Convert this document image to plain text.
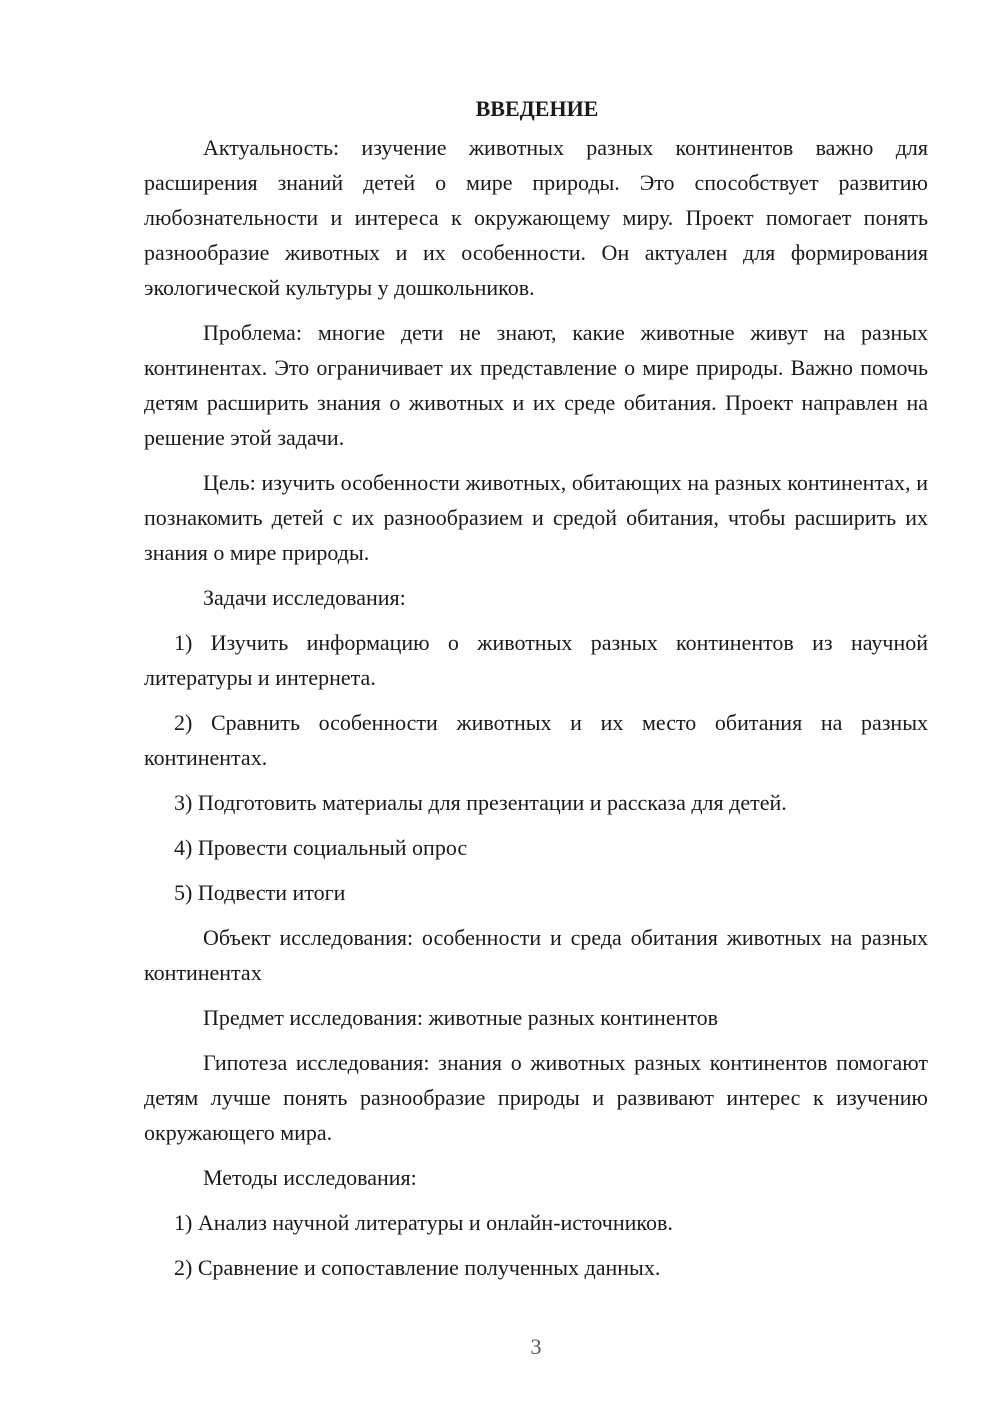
ВВЕДЕНИЕ

Актуальность: изучение животных разных континентов важно для расширения знаний детей о мире природы. Это способствует развитию любознательности и интереса к окружающему миру. Проект помогает понять разнообразие животных и их особенности. Он актуален для формирования экологической культуры у дошкольников.

Проблема: многие дети не знают, какие животные живут на разных континентах. Это ограничивает их представление о мире природы. Важно помочь детям расширить знания о животных и их среде обитания. Проект направлен на решение этой задачи.

Цель: изучить особенности животных, обитающих на разных континентах, и познакомить детей с их разнообразием и средой обитания, чтобы расширить их знания о мире природы.

Задачи исследования:

1) Изучить информацию о животных разных континентов из научной литературы и интернета.

2) Сравнить особенности животных и их место обитания на разных континентах.

3) Подготовить материалы для презентации и рассказа для детей.

4) Провести социальный опрос

5) Подвести итоги

Объект исследования: особенности и среда обитания животных на разных континентах

Предмет исследования: животные разных континентов

Гипотеза исследования: знания о животных разных континентов помогают детям лучше понять разнообразие природы и развивают интерес к изучению окружающего мира.

Методы исследования:

1) Анализ научной литературы и онлайн-источников.

2) Сравнение и сопоставление полученных данных.

3
